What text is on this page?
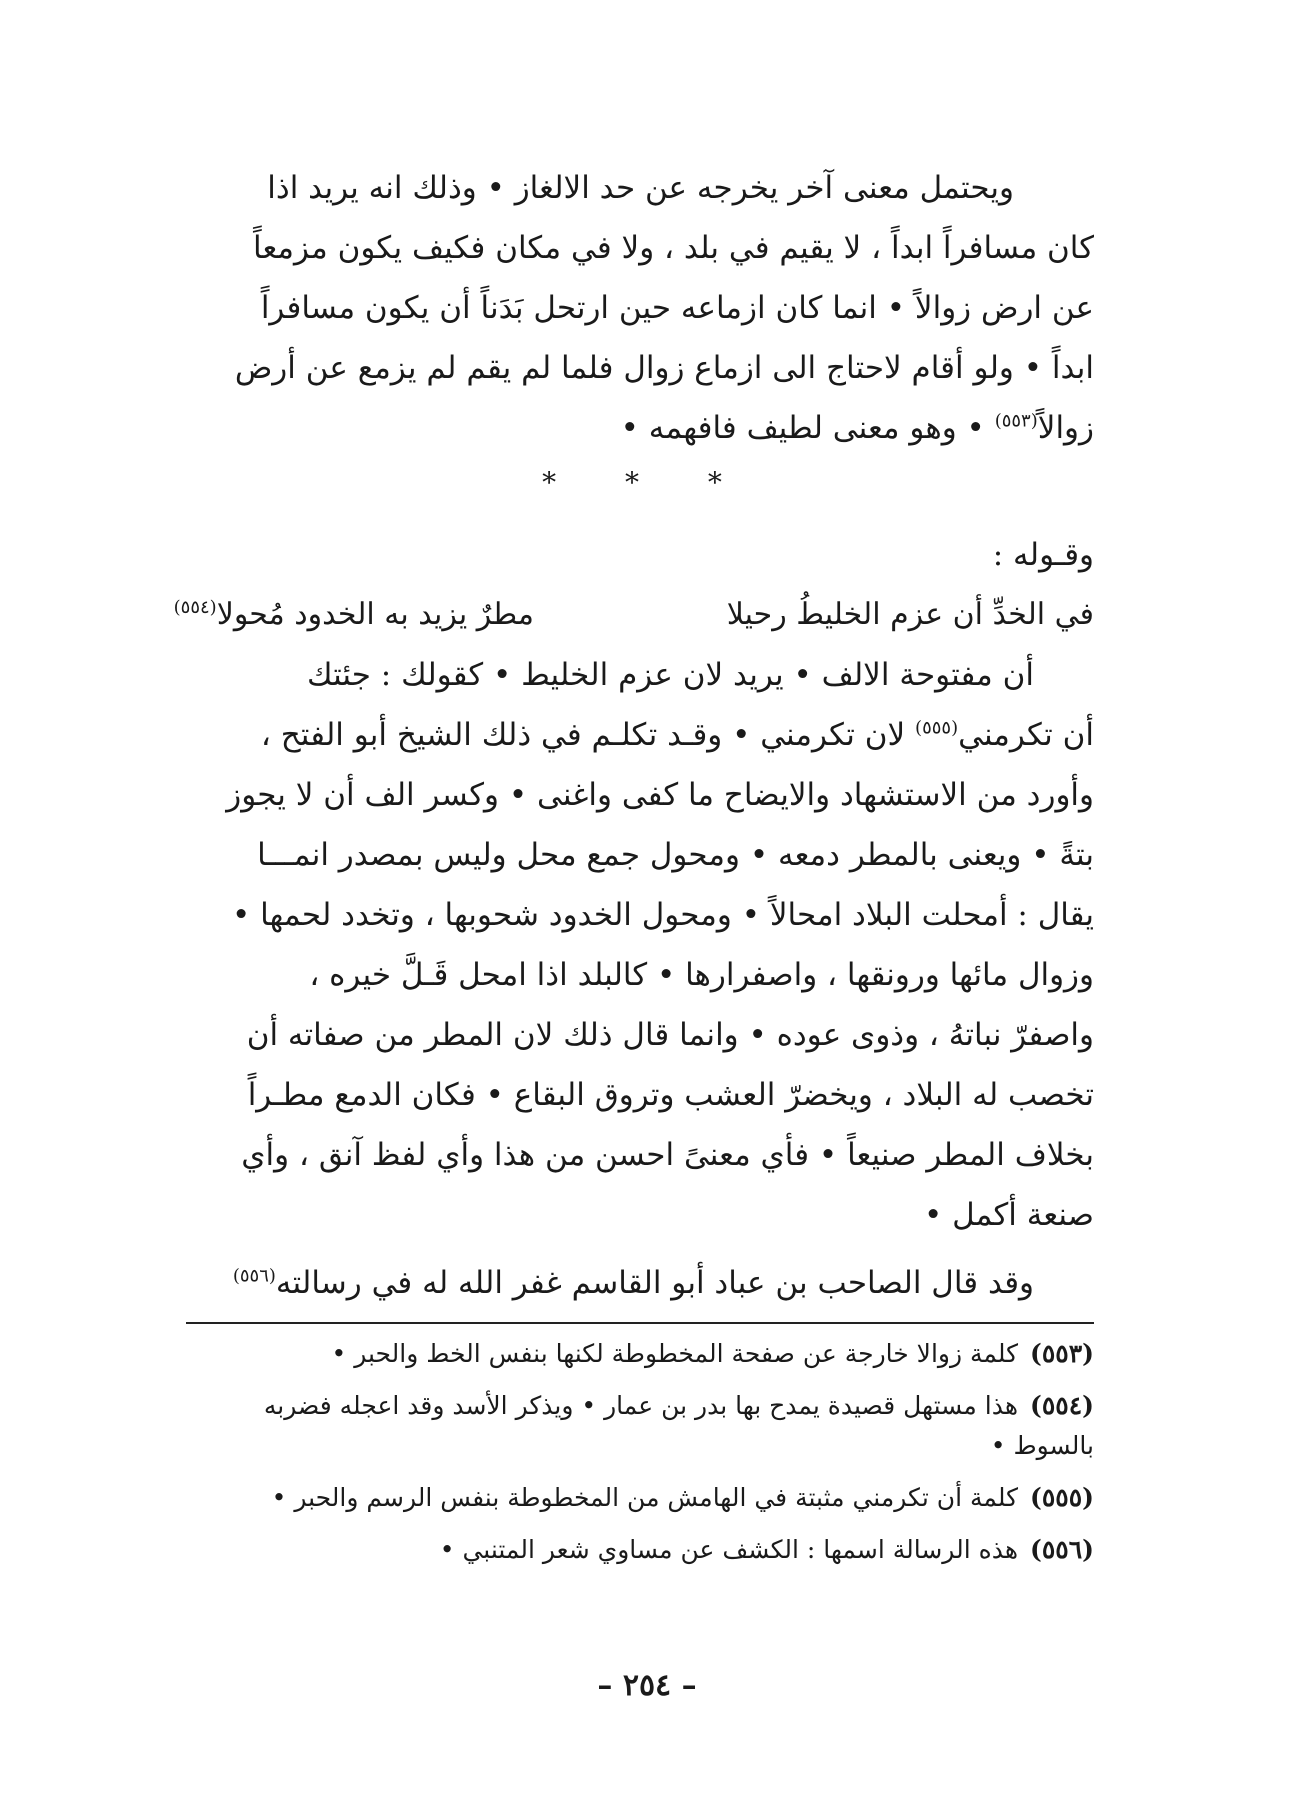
ويحتمل معنى آخر يخرجه عن حد الالغاز • وذلك انه يريد اذا
كان مسافراً ابداً ، لا يقيم في بلد ، ولا في مكان فكيف يكون مزمعاً
عن ارض زوالاً • انما كان ازماعه حين ارتحل بَدَناً أن يكون مسافراً
ابداً • ولو أقام لاحتاج الى ازماع زوال فلما لم يقم لم يزمع عن أرض
زوالاً$^{(٥٥٣)}$ • وهو معنى لطيف فافهمه •
* * *
وقـوله :
في الخدِّ أن عزم الخليطُ رحيلا
مطرٌ يزيد به الخدود مُحولا$^{(٥٥٤)}$
أن مفتوحة الالف • يريد لان عزم الخليط • كقولك : جئتك
أن تكرمني$^{(٥٥٥)}$ لان تكرمني • وقـد تكلـم في ذلك الشيخ أبو الفتح ،
وأورد من الاستشهاد والايضاح ما كفى واغنى • وكسر الف أن لا يجوز
بتةً • ويعنى بالمطر دمعه • ومحول جمع محل وليس بمصدر انمـــا
يقال : أمحلت البلاد امحالاً • ومحول الخدود شحوبها ، وتخدد لحمها •
وزوال مائها ورونقها ، واصفرارها • كالبلد اذا امحل قَـلَّ خيره ،
واصفرّ نباتهُ ، وذوى عوده • وانما قال ذلك لان المطر من صفاته أن
تخصب له البلاد ، ويخضرّ العشب وتروق البقاع • فكان الدمع مطـراً
بخلاف المطر صنيعاً • فأي معنىً احسن من هذا وأي لفظ آنق ، وأي
صنعة أكمل •
وقد قال الصاحب بن عباد أبو القاسم غفر الله له في رسالته$^{(٥٥٦)}$

(٥٥٣)كلمة زوالا خارجة عن صفحة المخطوطة لكنها بنفس الخط والحبر •

(٥٥٤)هذا مستهل قصيدة يمدح بها بدر بن عمار • ويذكر الأسد وقد اعجله فضربه بالسوط •

(٥٥٥)كلمة أن تكرمني مثبتة في الهامش من المخطوطة بنفس الرسم والحبر •

(٥٥٦)هذه الرسالة اسمها : الكشف عن مساوي شعر المتنبي •

– ٢٥٤ –
